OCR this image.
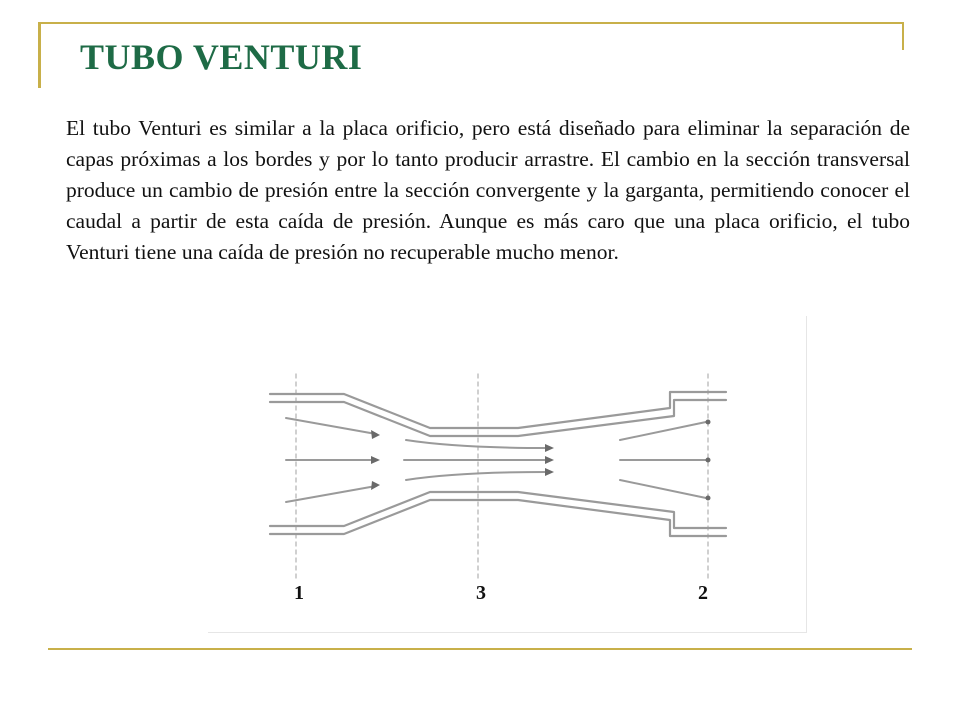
TUBO VENTURI

El tubo Venturi es similar a la placa orificio, pero está diseñado para eliminar la separación de capas próximas a los bordes y por lo tanto producir arrastre. El cambio en la sección transversal produce un cambio de presión entre la sección convergente y la garganta, permitiendo conocer el caudal a partir de esta caída de presión. Aunque es más caro que una placa orificio, el tubo Venturi tiene una caída de presión no recuperable mucho menor.

1	3	2
